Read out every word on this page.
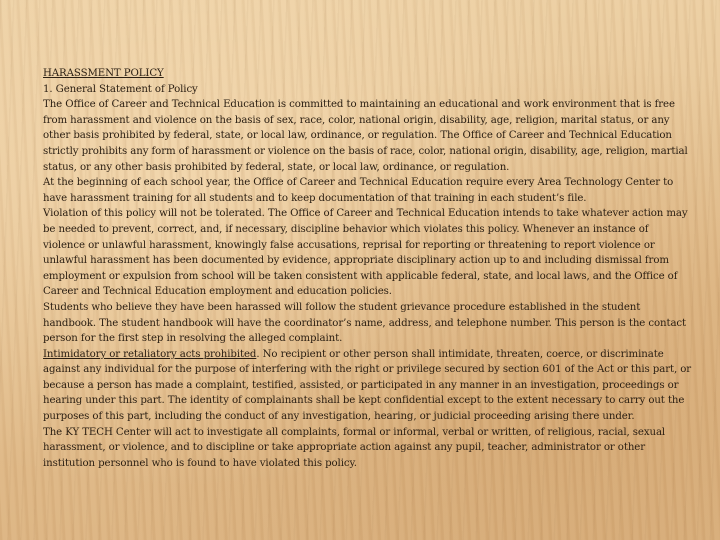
HARASSMENT POLICY

1. General Statement of Policy

The Office of Career and Technical Education is committed to maintaining an educational and work environment that is free from harassment and violence on the basis of sex, race, color, national origin, disability, age, religion, marital status, or any other basis prohibited by federal, state, or local law, ordinance, or regulation. The Office of Career and Technical Education strictly prohibits any form of harassment or violence on the basis of race, color, national origin, disability, age, religion, martial status, or any other basis prohibited by federal, state, or local law, ordinance, or regulation.

At the beginning of each school year, the Office of Career and Technical Education require every Area Technology Center to have harassment training for all students and to keep documentation of that training in each student’s file.

Violation of this policy will not be tolerated. The Office of Career and Technical Education intends to take whatever action may be needed to prevent, correct, and, if necessary, discipline behavior which violates this policy. Whenever an instance of violence or unlawful harassment, knowingly false accusations, reprisal for reporting or threatening to report violence or unlawful harassment has been documented by evidence, appropriate disciplinary action up to and including dismissal from employment or expulsion from school will be taken consistent with applicable federal, state, and local laws, and the Office of Career and Technical Education employment and education policies.

Students who believe they have been harassed will follow the student grievance procedure established in the student handbook. The student handbook will have the coordinator’s name, address, and telephone number. This person is the contact person for the first step in resolving the alleged complaint.

Intimidatory or retaliatory acts prohibited. No recipient or other person shall intimidate, threaten, coerce, or discriminate against any individual for the purpose of interfering with the right or privilege secured by section 601 of the Act or this part, or because a person has made a complaint, testified, assisted, or participated in any manner in an investigation, proceedings or hearing under this part. The identity of complainants shall be kept confidential except to the extent necessary to carry out the purposes of this part, including the conduct of any investigation, hearing, or judicial proceeding arising there under.

The KY TECH Center will act to investigate all complaints, formal or informal, verbal or written, of religious, racial, sexual harassment, or violence, and to discipline or take appropriate action against any pupil, teacher, administrator or other institution personnel who is found to have violated this policy.
